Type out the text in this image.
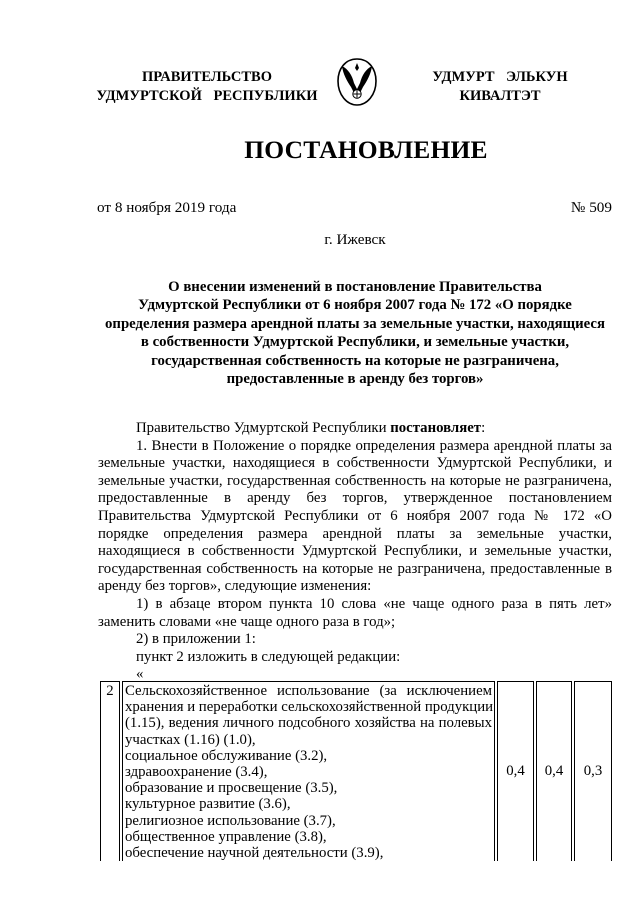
ПРАВИТЕЛЬСТВО
УДМУРТСКОЙ РЕСПУБЛИКИ
УДМУРТ ЭЛЬКУН
КИВАЛТЭТ
ПОСТАНОВЛЕНИЕ
от 8 ноября 2019 года	№ 509
г. Ижевск
О внесении изменений в постановление Правительства
Удмуртской Республики от 6 ноября 2007 года № 172 «О порядке
определения размера арендной платы за земельные участки, находящиеся
в собственности Удмуртской Республики, и земельные участки,
государственная собственность на которые не разграничена,
предоставленные в аренду без торгов»
Правительство Удмуртской Республики постановляет:
1. Внести в Положение о порядке определения размера арендной платы за
земельные участки, находящиеся в собственности Удмуртской Республики, и
земельные участки, государственная собственность на которые не разграничена,
предоставленные в аренду без торгов, утвержденное постановлением
Правительства Удмуртской Республики от 6 ноября 2007 года № 172 «О
порядке определения размера арендной платы за земельные участки,
находящиеся в собственности Удмуртской Республики, и земельные участки,
государственная собственность на которые не разграничена, предоставленные в
аренду без торгов», следующие изменения:
1) в абзаце втором пункта 10 слова «не чаще одного раза в пять лет»
заменить словами «не чаще одного раза в год»;
2) в приложении 1:
пункт 2 изложить в следующей редакции:
«
2 Сельскохозяйственное использование (за исключением
хранения и переработки сельскохозяйственной продукции
(1.15), ведения личного подсобного хозяйства на полевых
участках (1.16) (1.0),
социальное обслуживание (3.2),
здравоохранение (3.4),
образование и просвещение (3.5),
культурное развитие (3.6),
религиозное использование (3.7),
общественное управление (3.8),
обеспечение научной деятельности (3.9),
0,4 0,4 0,3
